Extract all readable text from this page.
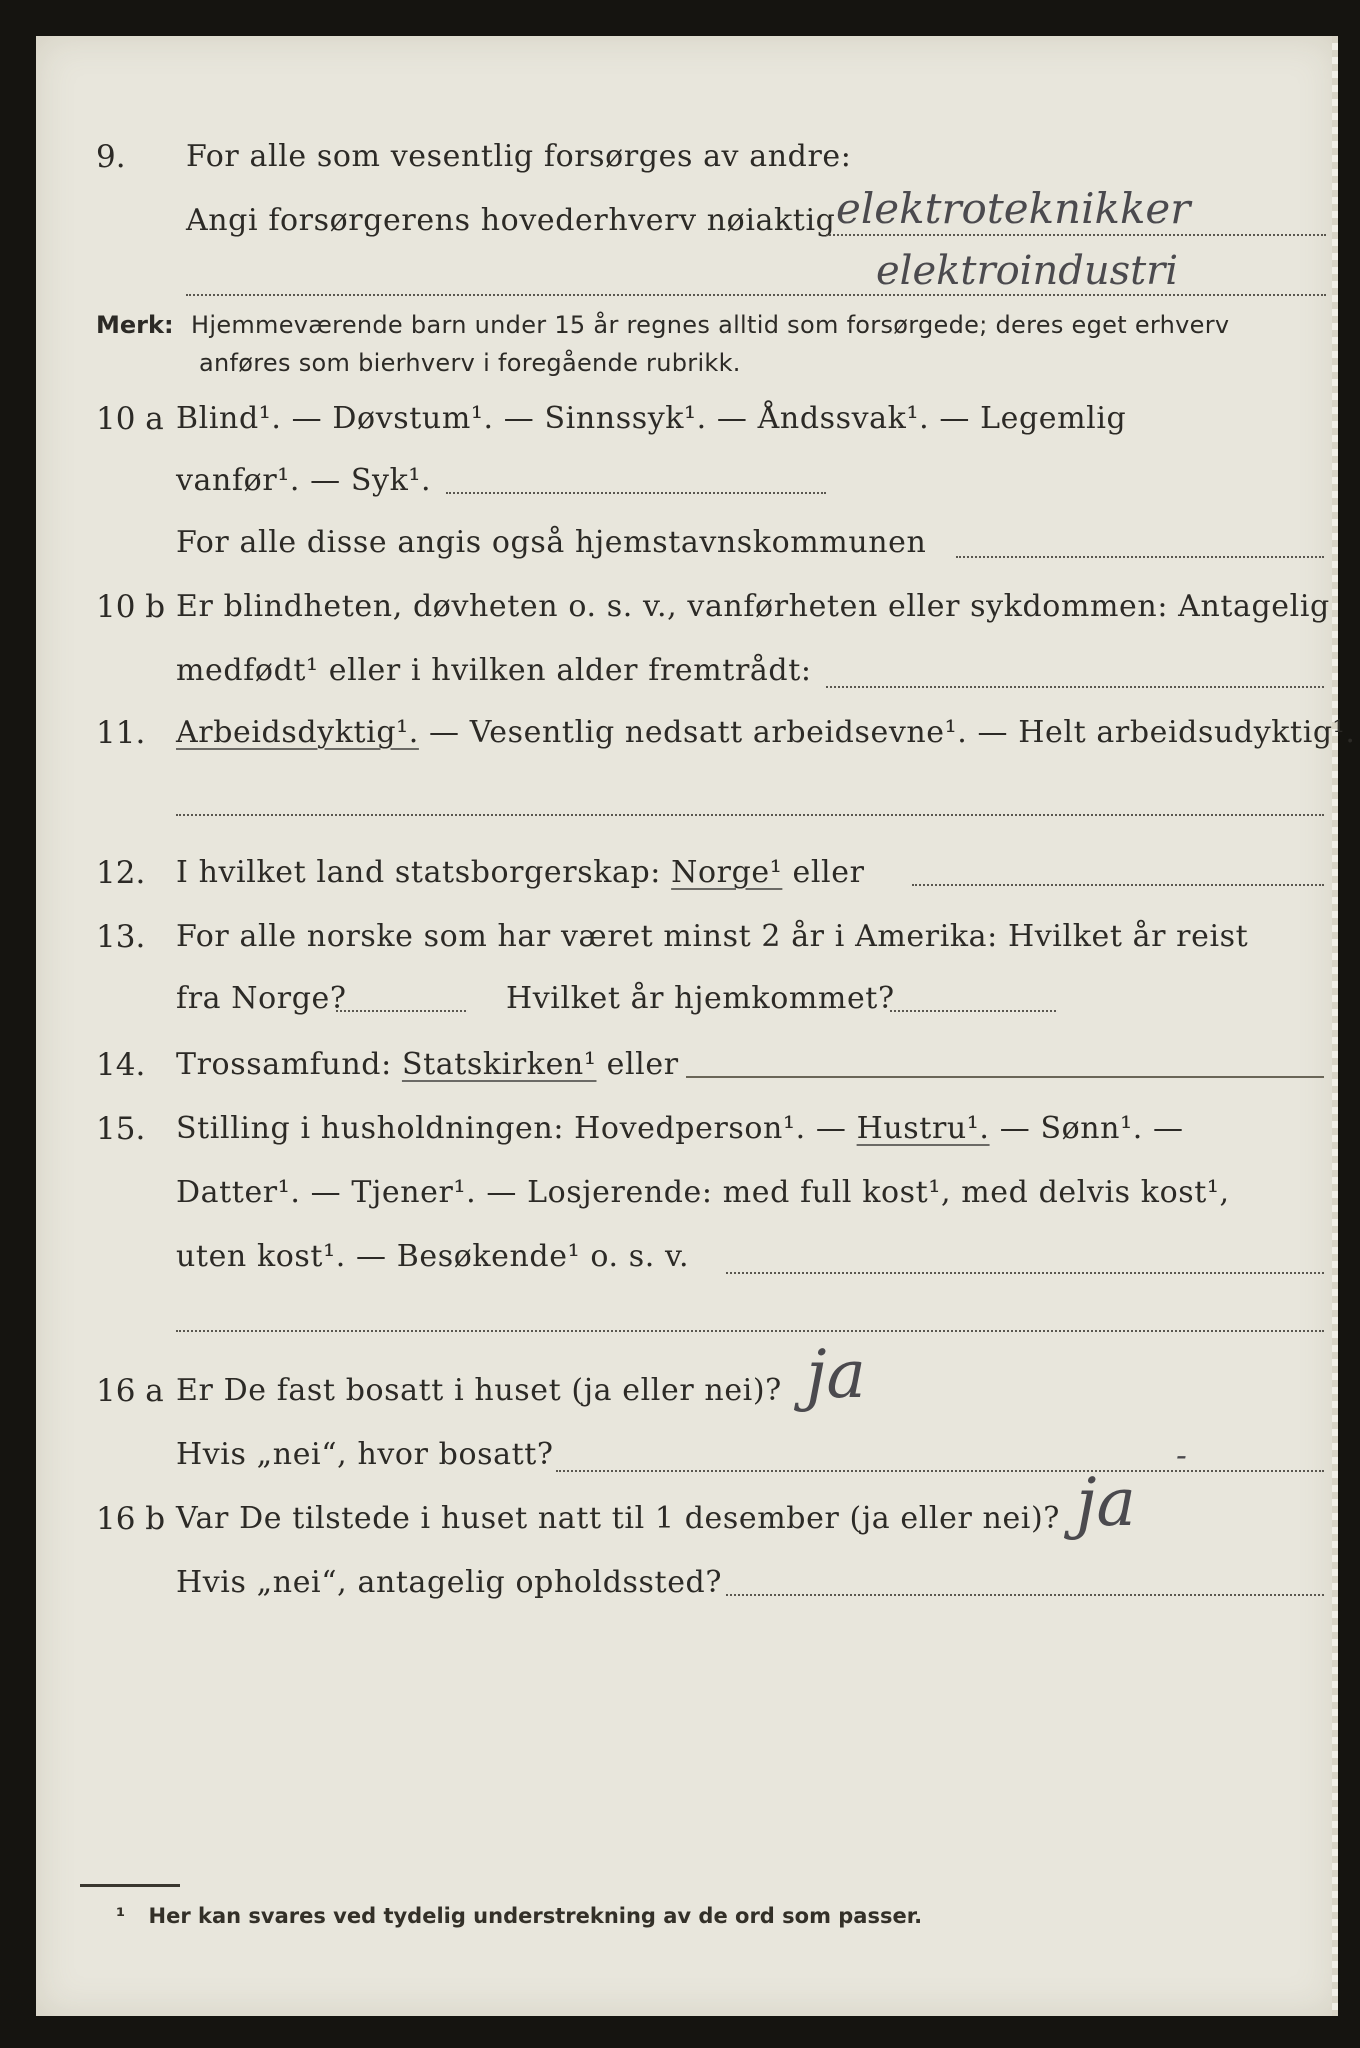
9. For alle som vesentlig forsørges av andre:
Angi forsørgerens hovederhverv nøiaktig elektroteknikker
elektroindustri
Merk: Hjemmeværende barn under 15 år regnes alltid som forsørgede; deres eget erhverv
anføres som bierhverv i foregående rubrikk.
10 a Blind¹. — Døvstum¹. — Sinnssyk¹. — Åndssvak¹. — Legemlig
vanfør¹. — Syk¹.
For alle disse angis også hjemstavnskommunen
10 b Er blindheten, døvheten o. s. v., vanførheten eller sykdommen: Antagelig
medfødt¹ eller i hvilken alder fremtrådt:
11. Arbeidsdyktig¹. — Vesentlig nedsatt arbeidsevne¹. — Helt arbeidsudyktig¹.
12. I hvilket land statsborgerskap: Norge¹ eller
13. For alle norske som har været minst 2 år i Amerika: Hvilket år reist
fra Norge?	Hvilket år hjemkommet?
14. Trossamfund: Statskirken¹ eller
15. Stilling i husholdningen: Hovedperson¹. — Hustru¹. — Sønn¹. —
Datter¹. — Tjener¹. — Losjerende: med full kost¹, med delvis kost¹,
uten kost¹. — Besøkende¹ o. s. v.
16 a Er De fast bosatt i huset (ja eller nei)? ja
Hvis „nei“, hvor bosatt?	-
16 b Var De tilstede i huset natt til 1 desember (ja eller nei)? ja
Hvis „nei“, antagelig opholdssted?
¹ Her kan svares ved tydelig understrekning av de ord som passer.
